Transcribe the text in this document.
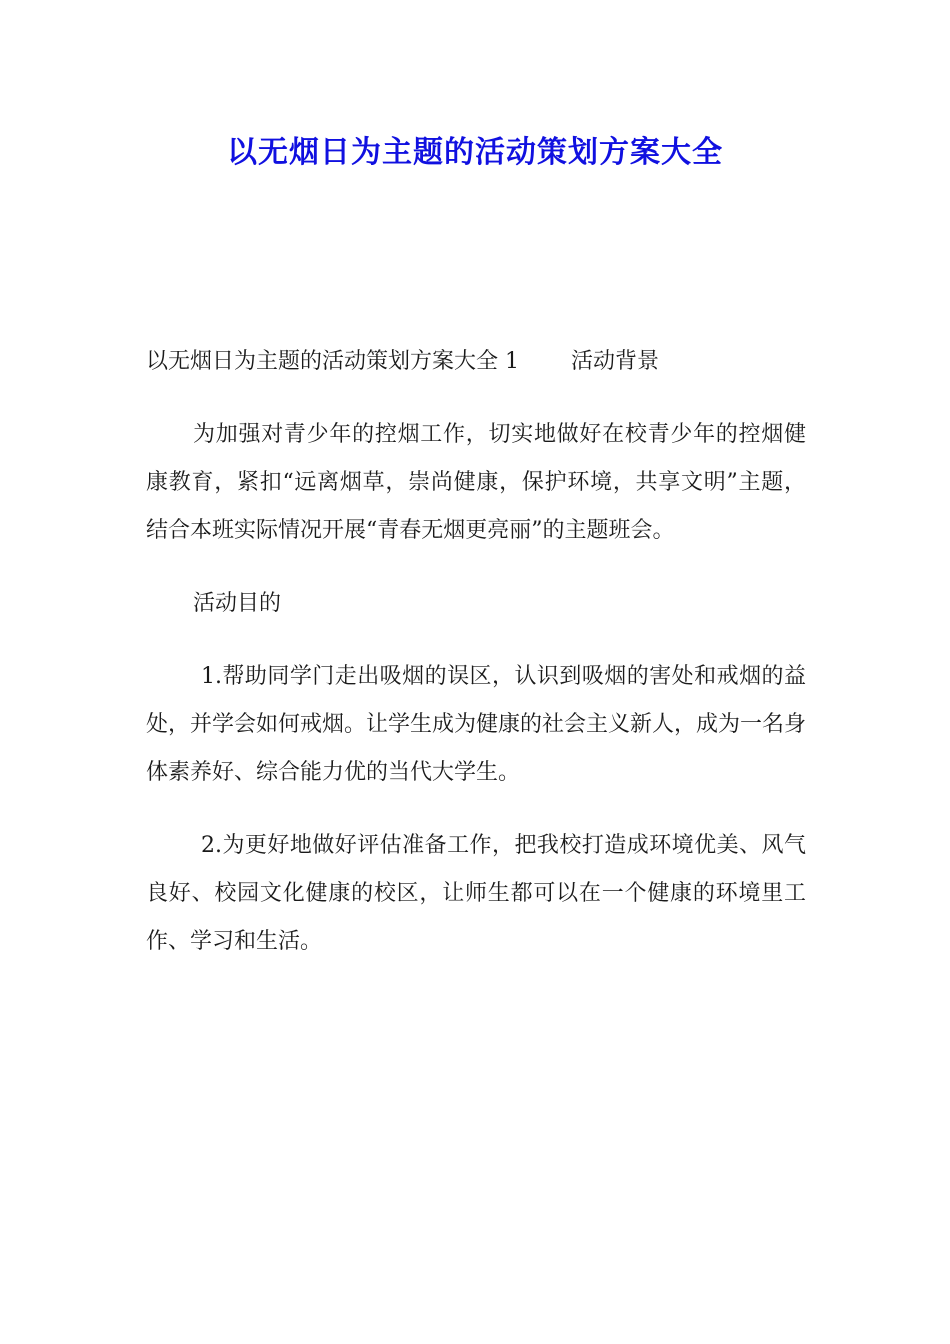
以无烟日为主题的活动策划方案大全

以无烟日为主题的活动策划方案大全 1 活动背景

为加强对青少年的控烟工作，切实地做好在校青少年的控烟健康教育，紧扣“远离烟草，崇尚健康，保护环境，共享文明”主题，结合本班实际情况开展“青春无烟更亮丽”的主题班会。

活动目的

1.帮助同学门走出吸烟的误区，认识到吸烟的害处和戒烟的益处，并学会如何戒烟。让学生成为健康的社会主义新人，成为一名身体素养好、综合能力优的当代大学生。

2.为更好地做好评估准备工作，把我校打造成环境优美、风气良好、校园文化健康的校区，让师生都可以在一个健康的环境里工作、学习和生活。
